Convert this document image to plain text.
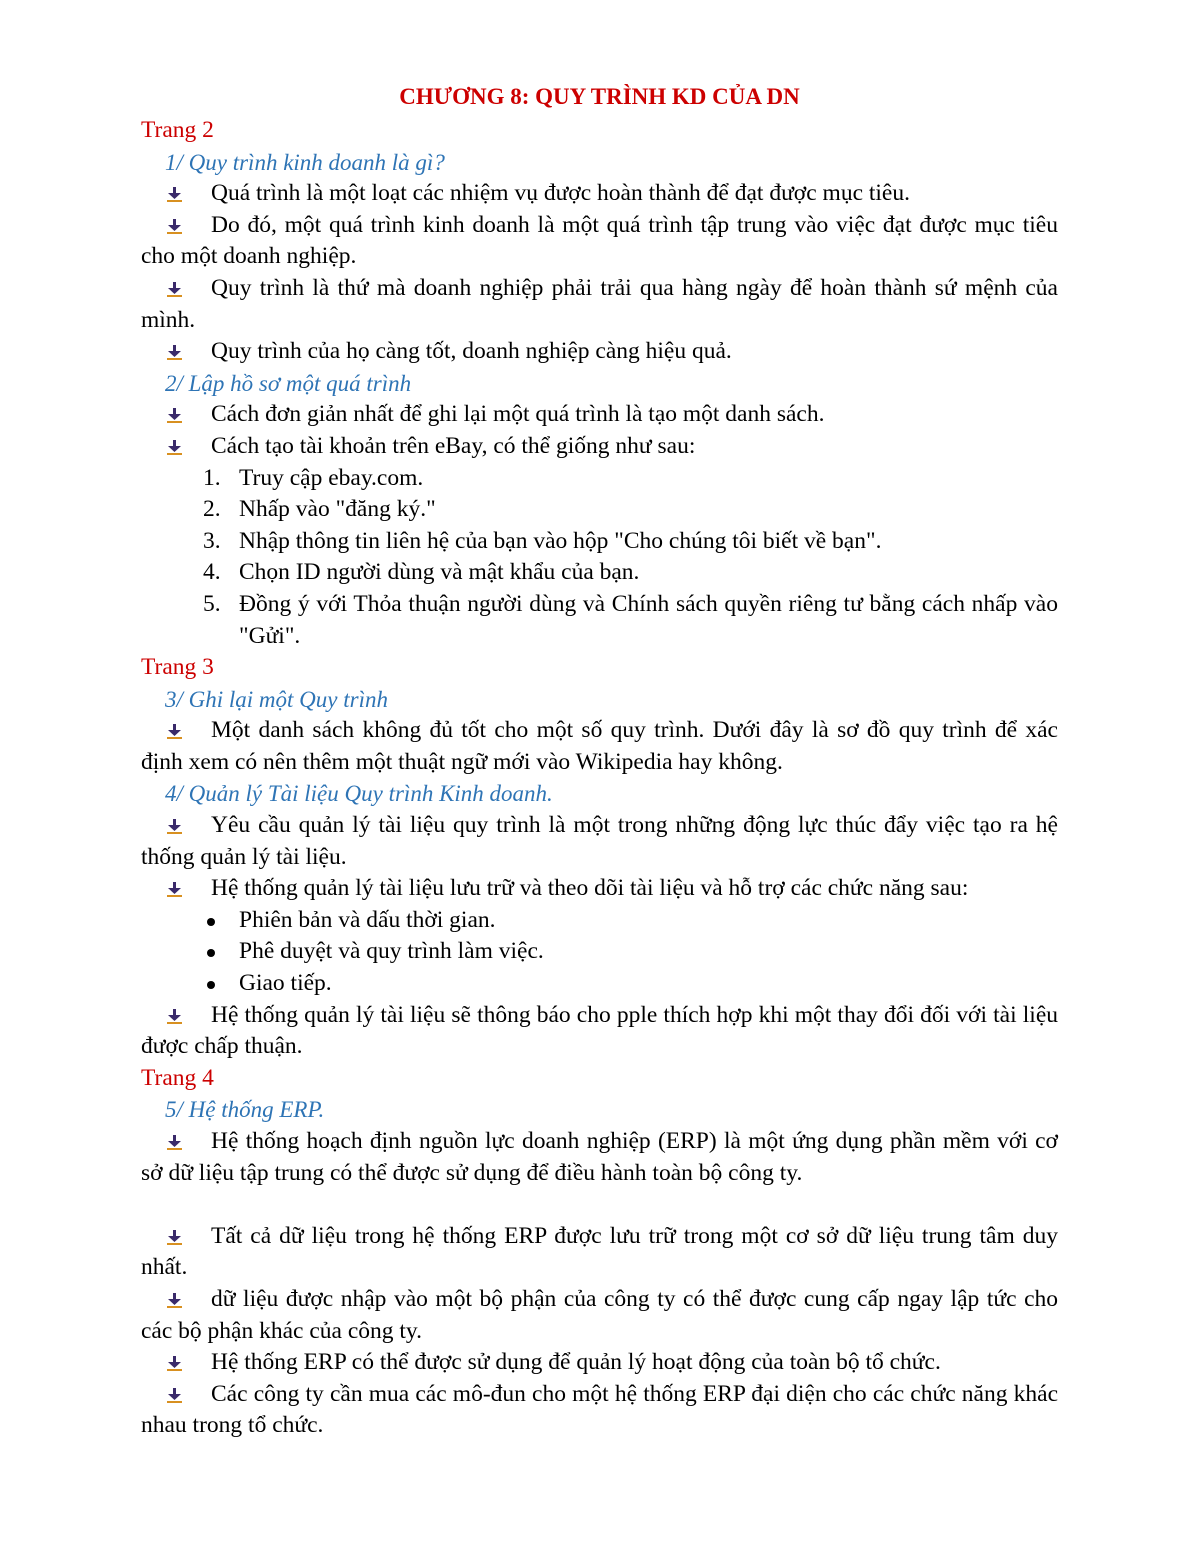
CHƯƠNG 8: QUY TRÌNH KD CỦA DN

Trang 2

1/ Quy trình kinh doanh là gì?

Quá trình là một loạt các nhiệm vụ được hoàn thành để đạt được mục tiêu.

Do đó, một quá trình kinh doanh là một quá trình tập trung vào việc đạt được mục tiêu cho một doanh nghiệp.

Quy trình là thứ mà doanh nghiệp phải trải qua hàng ngày để hoàn thành sứ mệnh của mình.

Quy trình của họ càng tốt, doanh nghiệp càng hiệu quả.

2/ Lập hồ sơ một quá trình

Cách đơn giản nhất để ghi lại một quá trình là tạo một danh sách.

Cách tạo tài khoản trên eBay, có thể giống như sau:

1. Truy cập ebay.com.
2. Nhấp vào "đăng ký."
3. Nhập thông tin liên hệ của bạn vào hộp "Cho chúng tôi biết về bạn".
4. Chọn ID người dùng và mật khẩu của bạn.
5. Đồng ý với Thỏa thuận người dùng và Chính sách quyền riêng tư bằng cách nhấp vào "Gửi".

Trang 3

3/ Ghi lại một Quy trình

Một danh sách không đủ tốt cho một số quy trình. Dưới đây là sơ đồ quy trình để xác định xem có nên thêm một thuật ngữ mới vào Wikipedia hay không.

4/ Quản lý Tài liệu Quy trình Kinh doanh.

Yêu cầu quản lý tài liệu quy trình là một trong những động lực thúc đẩy việc tạo ra hệ thống quản lý tài liệu.

Hệ thống quản lý tài liệu lưu trữ và theo dõi tài liệu và hỗ trợ các chức năng sau:

Phiên bản và dấu thời gian.
Phê duyệt và quy trình làm việc.
Giao tiếp.

Hệ thống quản lý tài liệu sẽ thông báo cho pple thích hợp khi một thay đổi đối với tài liệu được chấp thuận.

Trang 4

5/ Hệ thống ERP.

Hệ thống hoạch định nguồn lực doanh nghiệp (ERP) là một ứng dụng phần mềm với cơ sở dữ liệu tập trung có thể được sử dụng để điều hành toàn bộ công ty.

Tất cả dữ liệu trong hệ thống ERP được lưu trữ trong một cơ sở dữ liệu trung tâm duy nhất.

dữ liệu được nhập vào một bộ phận của công ty có thể được cung cấp ngay lập tức cho các bộ phận khác của công ty.

Hệ thống ERP có thể được sử dụng để quản lý hoạt động của toàn bộ tổ chức.

Các công ty cần mua các mô-đun cho một hệ thống ERP đại diện cho các chức năng khác nhau trong tổ chức.
